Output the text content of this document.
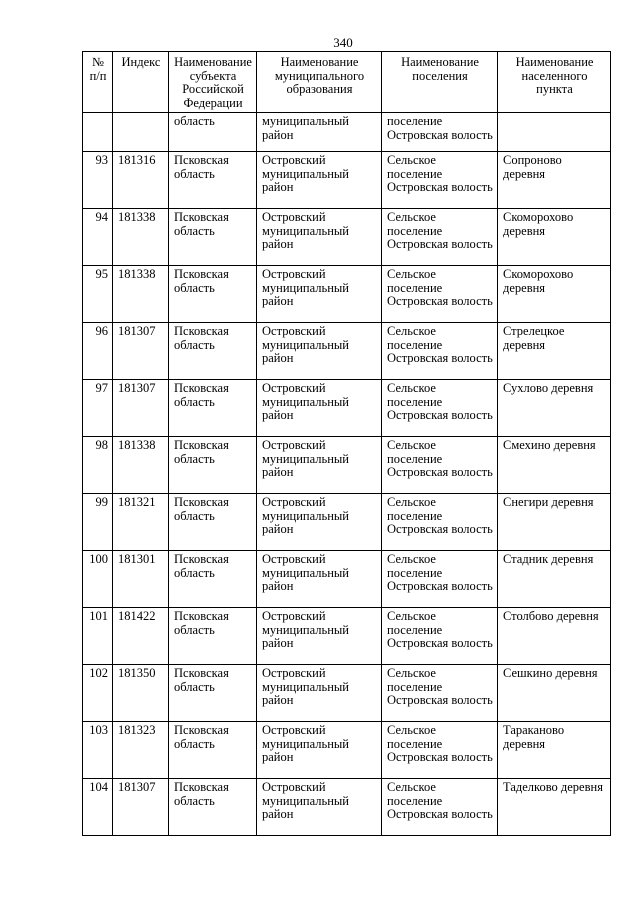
340
№ п/п	Индекс	Наименование субъекта Российской Федерации	Наименование муниципального образования	Наименование поселения	Наименование населенного пункта
		область	муниципальный район	поселение Островская волость	
93	181316	Псковская область	Островский муниципальный район	Сельское поселение Островская волость	Сопроново деревня
94	181338	Псковская область	Островский муниципальный район	Сельское поселение Островская волость	Скоморохово деревня
95	181338	Псковская область	Островский муниципальный район	Сельское поселение Островская волость	Скоморохово деревня
96	181307	Псковская область	Островский муниципальный район	Сельское поселение Островская волость	Стрелецкое деревня
97	181307	Псковская область	Островский муниципальный район	Сельское поселение Островская волость	Сухлово деревня
98	181338	Псковская область	Островский муниципальный район	Сельское поселение Островская волость	Смехино деревня
99	181321	Псковская область	Островский муниципальный район	Сельское поселение Островская волость	Снегири деревня
100	181301	Псковская область	Островский муниципальный район	Сельское поселение Островская волость	Стадник деревня
101	181422	Псковская область	Островский муниципальный район	Сельское поселение Островская волость	Столбово деревня
102	181350	Псковская область	Островский муниципальный район	Сельское поселение Островская волость	Сешкино деревня
103	181323	Псковская область	Островский муниципальный район	Сельское поселение Островская волость	Тараканово деревня
104	181307	Псковская область	Островский муниципальный район	Сельское поселение Островская волость	Таделково деревня
